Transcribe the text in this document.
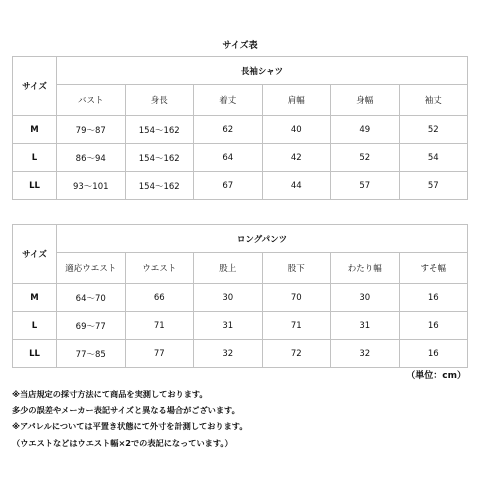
サイズ表
サイズ	長袖シャツ					
	バスト	身長	着丈	肩幅	身幅	袖丈
M	79～87	154～162	62	40	49	52
L	86～94	154～162	64	42	52	54
LL	93～101	154～162	67	44	57	57
サイズ	ロングパンツ					
	適応ウエスト	ウエスト	股上	股下	わたり幅	すそ幅
M	64～70	66	30	70	30	16
L	69～77	71	31	71	31	16
LL	77～85	77	32	72	32	16
（単位：cm）
※当店規定の採寸方法にて商品を実測しております。
多少の誤差やメーカー表記サイズと異なる場合がございます。
※アパレルについては平置き状態にて外寸を計測しております。
（ウエストなどはウエスト幅×2での表記になっています。）
